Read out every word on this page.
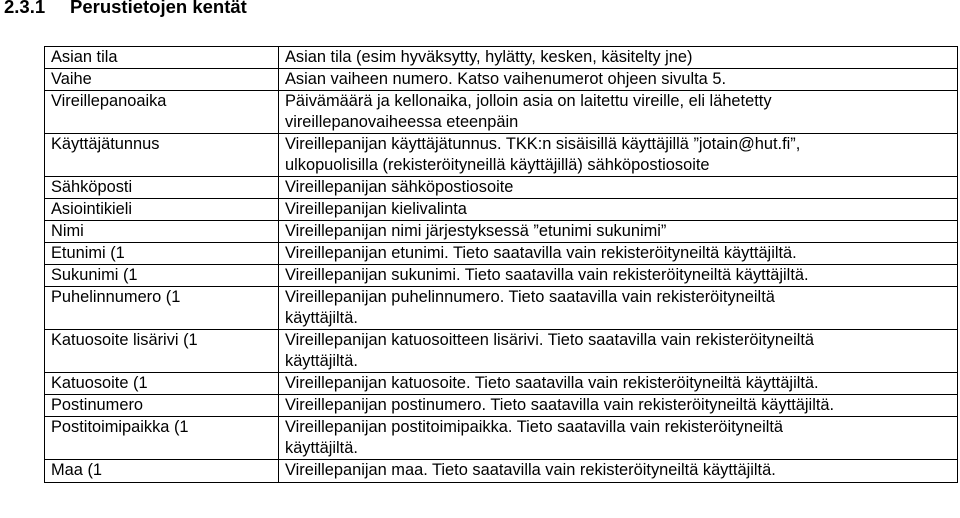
2.3.1 Perustietojen kentät
Asian tila	Asian tila (esim hyväksytty, hylätty, kesken, käsitelty jne)

Vaihe	Asian vaiheen numero. Katso vaihenumerot ohjeen sivulta 5.

Vireillepanoaika	Päivämäärä ja kellonaika, jolloin asia on laitettu vireille, eli lähetetty
vireillepanovaiheessa eteenpäin

Käyttäjätunnus	Vireillepanijan käyttäjätunnus. TKK:n sisäisillä käyttäjillä ”jotain@hut.fi”,
ulkopuolisilla (rekisteröityneillä käyttäjillä) sähköpostiosoite

Sähköposti	Vireillepanijan sähköpostiosoite

Asiointikieli	Vireillepanijan kielivalinta

Nimi	Vireillepanijan nimi järjestyksessä ”etunimi sukunimi”

Etunimi (1	Vireillepanijan etunimi. Tieto saatavilla vain rekisteröityneiltä käyttäjiltä.

Sukunimi (1	Vireillepanijan sukunimi. Tieto saatavilla vain rekisteröityneiltä käyttäjiltä.

Puhelinnumero (1	Vireillepanijan puhelinnumero. Tieto saatavilla vain rekisteröityneiltä
käyttäjiltä.

Katuosoite lisärivi (1	Vireillepanijan katuosoitteen lisärivi. Tieto saatavilla vain rekisteröityneiltä
käyttäjiltä.

Katuosoite (1	Vireillepanijan katuosoite. Tieto saatavilla vain rekisteröityneiltä käyttäjiltä.

Postinumero	Vireillepanijan postinumero. Tieto saatavilla vain rekisteröityneiltä käyttäjiltä.

Postitoimipaikka (1	Vireillepanijan postitoimipaikka. Tieto saatavilla vain rekisteröityneiltä
käyttäjiltä.

Maa (1	Vireillepanijan maa. Tieto saatavilla vain rekisteröityneiltä käyttäjiltä.
